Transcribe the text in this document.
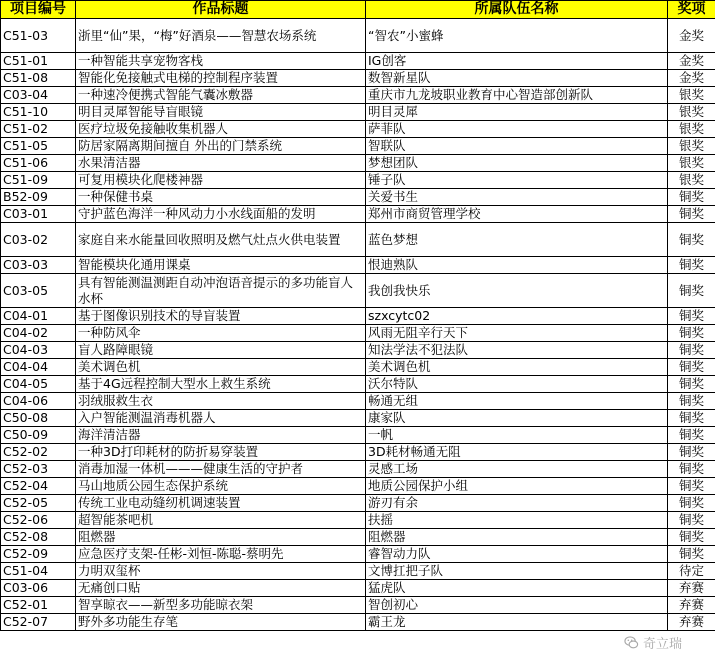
项目编号	作品标题	所属队伍名称	奖项
C51-03	浙里“仙”果，“梅”好酒泉——智慧农场系统	“智农”小蜜蜂	金奖
C51-01	一种智能共享宠物客栈	IG创客	金奖
C51-08	智能化免接触式电梯的控制程序装置	数智新星队	金奖
C03-04	一种速冷便携式智能气囊冰敷器	重庆市九龙坡职业教育中心智造部创新队	银奖
C51-10	明目灵犀智能导盲眼镜	明目灵犀	银奖
C51-02	医疗垃圾免接触收集机器人	萨菲队	银奖
C51-05	防居家隔离期间擅自 外出的门禁系统	智联队	银奖
C51-06	水果清洁器	梦想团队	银奖
C51-09	可复用模块化爬楼神器	锤子队	银奖
B52-09	一种保健书桌	关爱书生	铜奖
C03-01	守护蓝色海洋一种风动力小水线面船的发明	郑州市商贸管理学校	铜奖
C03-02	家庭自来水能量回收照明及燃气灶点火供电装置	蓝色梦想	铜奖
C03-03	智能模块化通用课桌	恨迪熟队	铜奖
C03-05	具有智能测温测距自动冲泡语音提示的多功能盲人水杯	我创我快乐	铜奖
C04-01	基于图像识别技术的导盲装置	szxcytc02	铜奖
C04-02	一种防风伞	风雨无阻辛行天下	铜奖
C04-03	盲人路障眼镜	知法学法不犯法队	铜奖
C04-04	美术调色机	美术调色机	铜奖
C04-05	基于4G远程控制大型水上救生系统	沃尔特队	铜奖
C04-06	羽绒服救生衣	畅通无组	铜奖
C50-08	入户智能测温消毒机器人	康家队	铜奖
C50-09	海洋清洁器	一帆	铜奖
C52-02	一种3D打印耗材的防折易穿装置	3D耗材畅通无阻	铜奖
C52-03	消毒加湿一体机———健康生活的守护者	灵感工场	铜奖
C52-04	马山地质公园生态保护系统	地质公园保护小组	铜奖
C52-05	传统工业电动缝纫机调速装置	游刃有余	铜奖
C52-06	超智能茶吧机	扶摇	铜奖
C52-08	阻燃器	阻燃器	铜奖
C52-09	应急医疗支架-任彬-刘恒-陈聪-蔡明先	睿智动力队	铜奖
C51-04	力明双玺杯	文博扛把子队	待定
C03-06	无痛创口贴	猛虎队	弃赛
C52-01	智享晾衣——新型多功能晾衣架	智创初心	弃赛
C52-07	野外多功能生存笔	霸王龙	弃赛
奇立瑞
